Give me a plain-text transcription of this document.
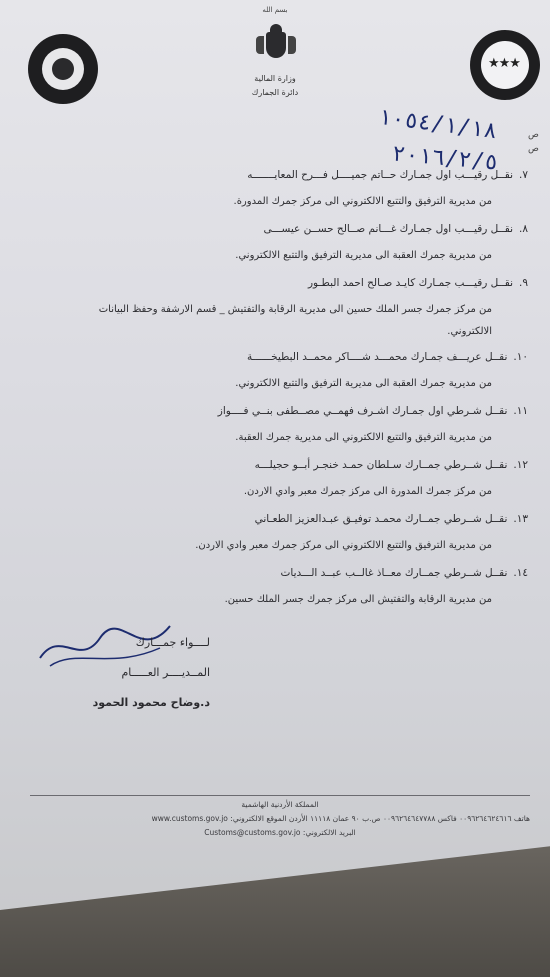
بسم الله
★★★
وزارة المالية
دائرة الجمارك
١٠٥٤/١/١٨
٢٠١٦/٢/٥
ص
ص
٧.نقــل رقيـــب اول جمـارك حــاتم جميــــل فـــرح المعايـــــــه
من مديرية الترفيق والتتبع الالكتروني الى مركز جمرك المدورة.
٨.نقــل رقيـــب اول جمـارك غـــانم صــالح حســن عيســـى
من مديرية جمرك العقبة الى مديرية الترفيق والتتبع الالكتروني.
٩.نقــل رقيـــب جمـارك كايـد صـالح احمد البطـور
من مركز جمرك جسر الملك حسين الى مديرية الرقابة والتفتيش _ قسم الارشفة وحفظ البيانات
الالكتروني.
١٠.نقــل عريـــف جمـارك محمـــد شــــاكر محمــد البطيخــــــة
من مديرية جمرك العقبة الى مديرية الترفيق والتتبع الالكتروني.
١١.نقــل شـرطي اول جمـارك اشـرف فهمــي مصــطفى بنــي فــــواز
من مديرية الترفيق والتتبع الالكتروني الى مديرية جمرك العقبة.
١٢.نقــل شــرطي جمــارك سـلطان حمـد خنجـر أبــو حجيلـــه
من مركز جمرك المدورة الى مركز جمرك معبر وادي الاردن.
١٣.نقــل شــرطي جمــارك محمـد توفيـق عبـدالعزيز الطعـاني
من مديرية الترفيق والتتبع الالكتروني الى مركز جمرك معبر وادي الاردن.
١٤.نقــل شــرطي جمــارك معــاذ غالــب عبــد الـــديات
من مديرية الرقابة والتفتيش الى مركز جمرك جسر الملك حسين.
لــــواء جمـــارك
المــديــــر العـــــام
د.وضاح محمود الحمود
المملكة الأردنية الهاشمية
هاتف ٠٠٩٦٢٦٤٦٢٤٦١٦ فاكس ٠٠٩٦٢٦٤٦٤٧٧٨٨ ص.ب ٩٠ عمان ١١١١٨ الأردن الموقع الالكتروني: www.customs.gov.jo
البريد الالكتروني: Customs@customs.gov.jo
